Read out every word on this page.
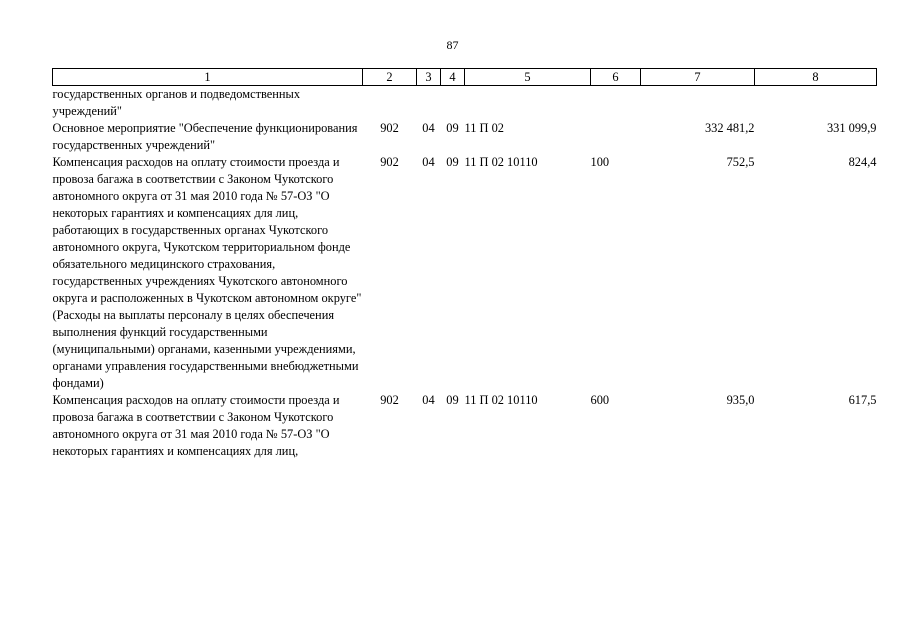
87
1	2	3	4	5	6	7	8
государственных органов и подведомственных учреждений"							
Основное мероприятие "Обеспечение функционирования государственных учреждений"	902	04	09	11 П 02		332 481,2	331 099,9
Компенсация расходов на оплату стоимости проезда и провоза багажа в соответствии с Законом Чукотского автономного округа от 31 мая 2010 года № 57-ОЗ "О некоторых гарантиях и компенсациях для лиц, работающих в государственных органах Чукотского автономного округа, Чукотском территориальном фонде обязательного медицинского страхования, государственных учреждениях Чукотского автономного округа и расположенных в Чукотском автономном округе" (Расходы на выплаты персоналу в целях обеспечения выполнения функций государственными (муниципальными) органами, казенными учреждениями, органами управления государственными внебюджетными фондами)	902	04	09	11 П 02 10110	100	752,5	824,4
Компенсация расходов на оплату стоимости проезда и провоза багажа в соответствии с Законом Чукотского автономного округа от 31 мая 2010 года № 57-ОЗ "О некоторых гарантиях и компенсациях для лиц,	902	04	09	11 П 02 10110	600	935,0	617,5
